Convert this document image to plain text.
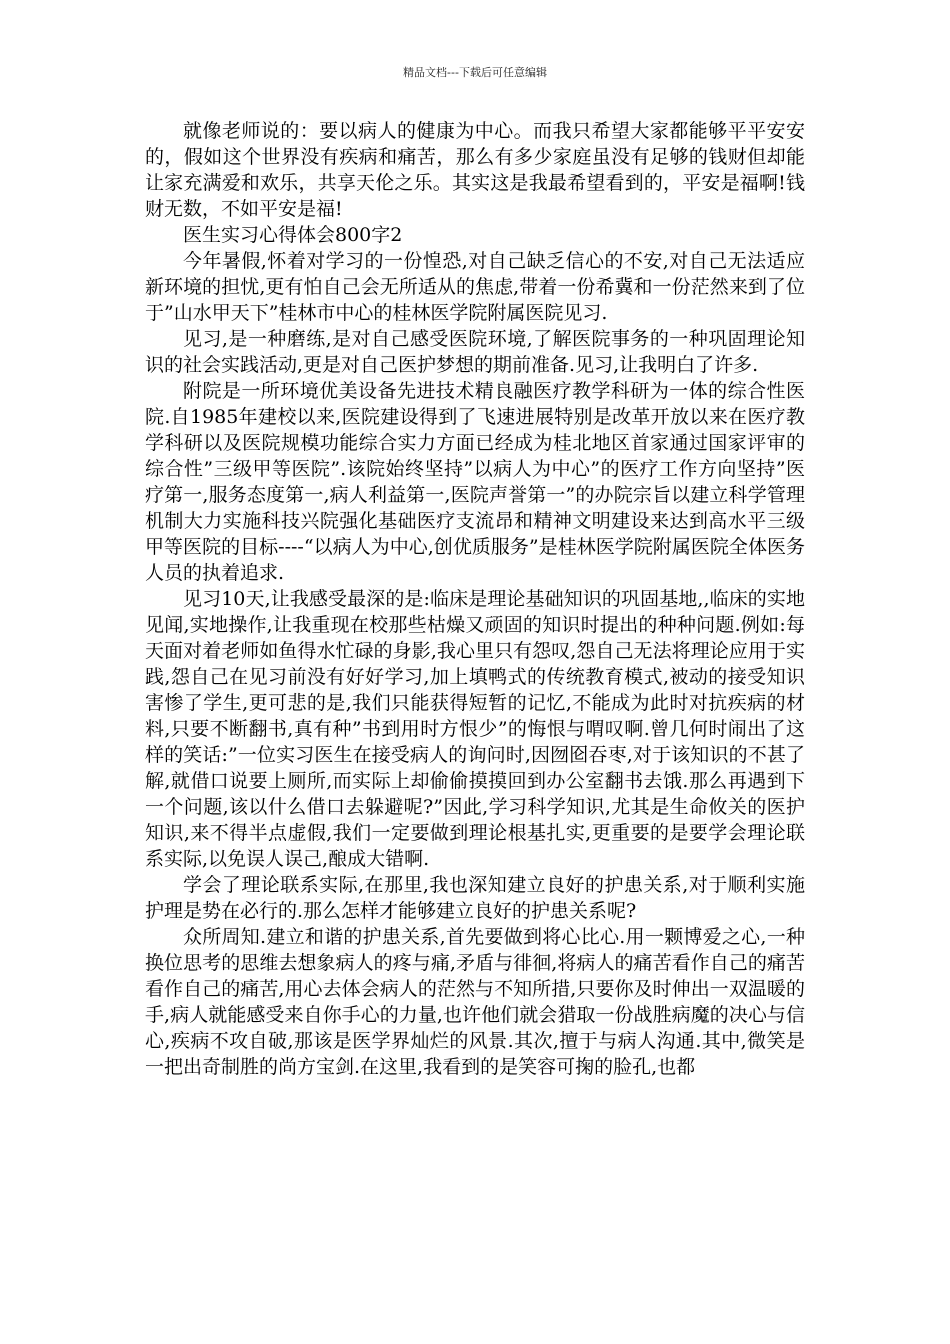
精品文档---下载后可任意编辑

就像老师说的：要以病人的健康为中心。而我只希望大家都能够平平安安的，假如这个世界没有疾病和痛苦，那么有多少家庭虽没有足够的钱财但却能让家充满爱和欢乐，共享天伦之乐。其实这是我最希望看到的，平安是福啊!钱财无数，不如平安是福!

医生实习心得体会800字2

今年暑假,怀着对学习的一份惶恐,对自己缺乏信心的不安,对自己无法适应新环境的担忧,更有怕自己会无所适从的焦虑,带着一份希冀和一份茫然来到了位于”山水甲天下”桂林市中心的桂林医学院附属医院见习.

见习,是一种磨练,是对自己感受医院环境,了解医院事务的一种巩固理论知识的社会实践活动,更是对自己医护梦想的期前准备.见习,让我明白了许多.

附院是一所环境优美设备先进技术精良融医疗教学科研为一体的综合性医院.自1985年建校以来,医院建设得到了飞速进展特别是改革开放以来在医疗教学科研以及医院规模功能综合实力方面已经成为桂北地区首家通过国家评审的综合性”三级甲等医院”.该院始终坚持”以病人为中心”的医疗工作方向坚持”医疗第一,服务态度第一,病人利益第一,医院声誉第一”的办院宗旨以建立科学管理机制大力实施科技兴院强化基础医疗支流昂和精神文明建设来达到高水平三级甲等医院的目标----“以病人为中心,创优质服务”是桂林医学院附属医院全体医务人员的执着追求.

见习10天,让我感受最深的是:临床是理论基础知识的巩固基地,,临床的实地见闻,实地操作,让我重现在校那些枯燥又顽固的知识时提出的种种问题.例如:每天面对着老师如鱼得水忙碌的身影,我心里只有怨叹,怨自己无法将理论应用于实践,怨自己在见习前没有好好学习,加上填鸭式的传统教育模式,被动的接受知识害惨了学生,更可悲的是,我们只能获得短暂的记忆,不能成为此时对抗疾病的材料,只要不断翻书,真有种”书到用时方恨少”的悔恨与喟叹啊.曾几何时闹出了这样的笑话:”一位实习医生在接受病人的询问时,因囫囵吞枣,对于该知识的不甚了解,就借口说要上厕所,而实际上却偷偷摸摸回到办公室翻书去饿.那么再遇到下一个问题,该以什么借口去躲避呢?”因此,学习科学知识,尤其是生命攸关的医护知识,来不得半点虚假,我们一定要做到理论根基扎实,更重要的是要学会理论联系实际,以免误人误己,酿成大错啊.

学会了理论联系实际,在那里,我也深知建立良好的护患关系,对于顺利实施护理是势在必行的.那么怎样才能够建立良好的护患关系呢?

众所周知.建立和谐的护患关系,首先要做到将心比心.用一颗博爱之心,一种换位思考的思维去想象病人的疼与痛,矛盾与徘徊,将病人的痛苦看作自己的痛苦看作自己的痛苦,用心去体会病人的茫然与不知所措,只要你及时伸出一双温暖的手,病人就能感受来自你手心的力量,也许他们就会猎取一份战胜病魔的决心与信心,疾病不攻自破,那该是医学界灿烂的风景.其次,擅于与病人沟通.其中,微笑是一把出奇制胜的尚方宝剑.在这里,我看到的是笑容可掬的脸孔,也都
